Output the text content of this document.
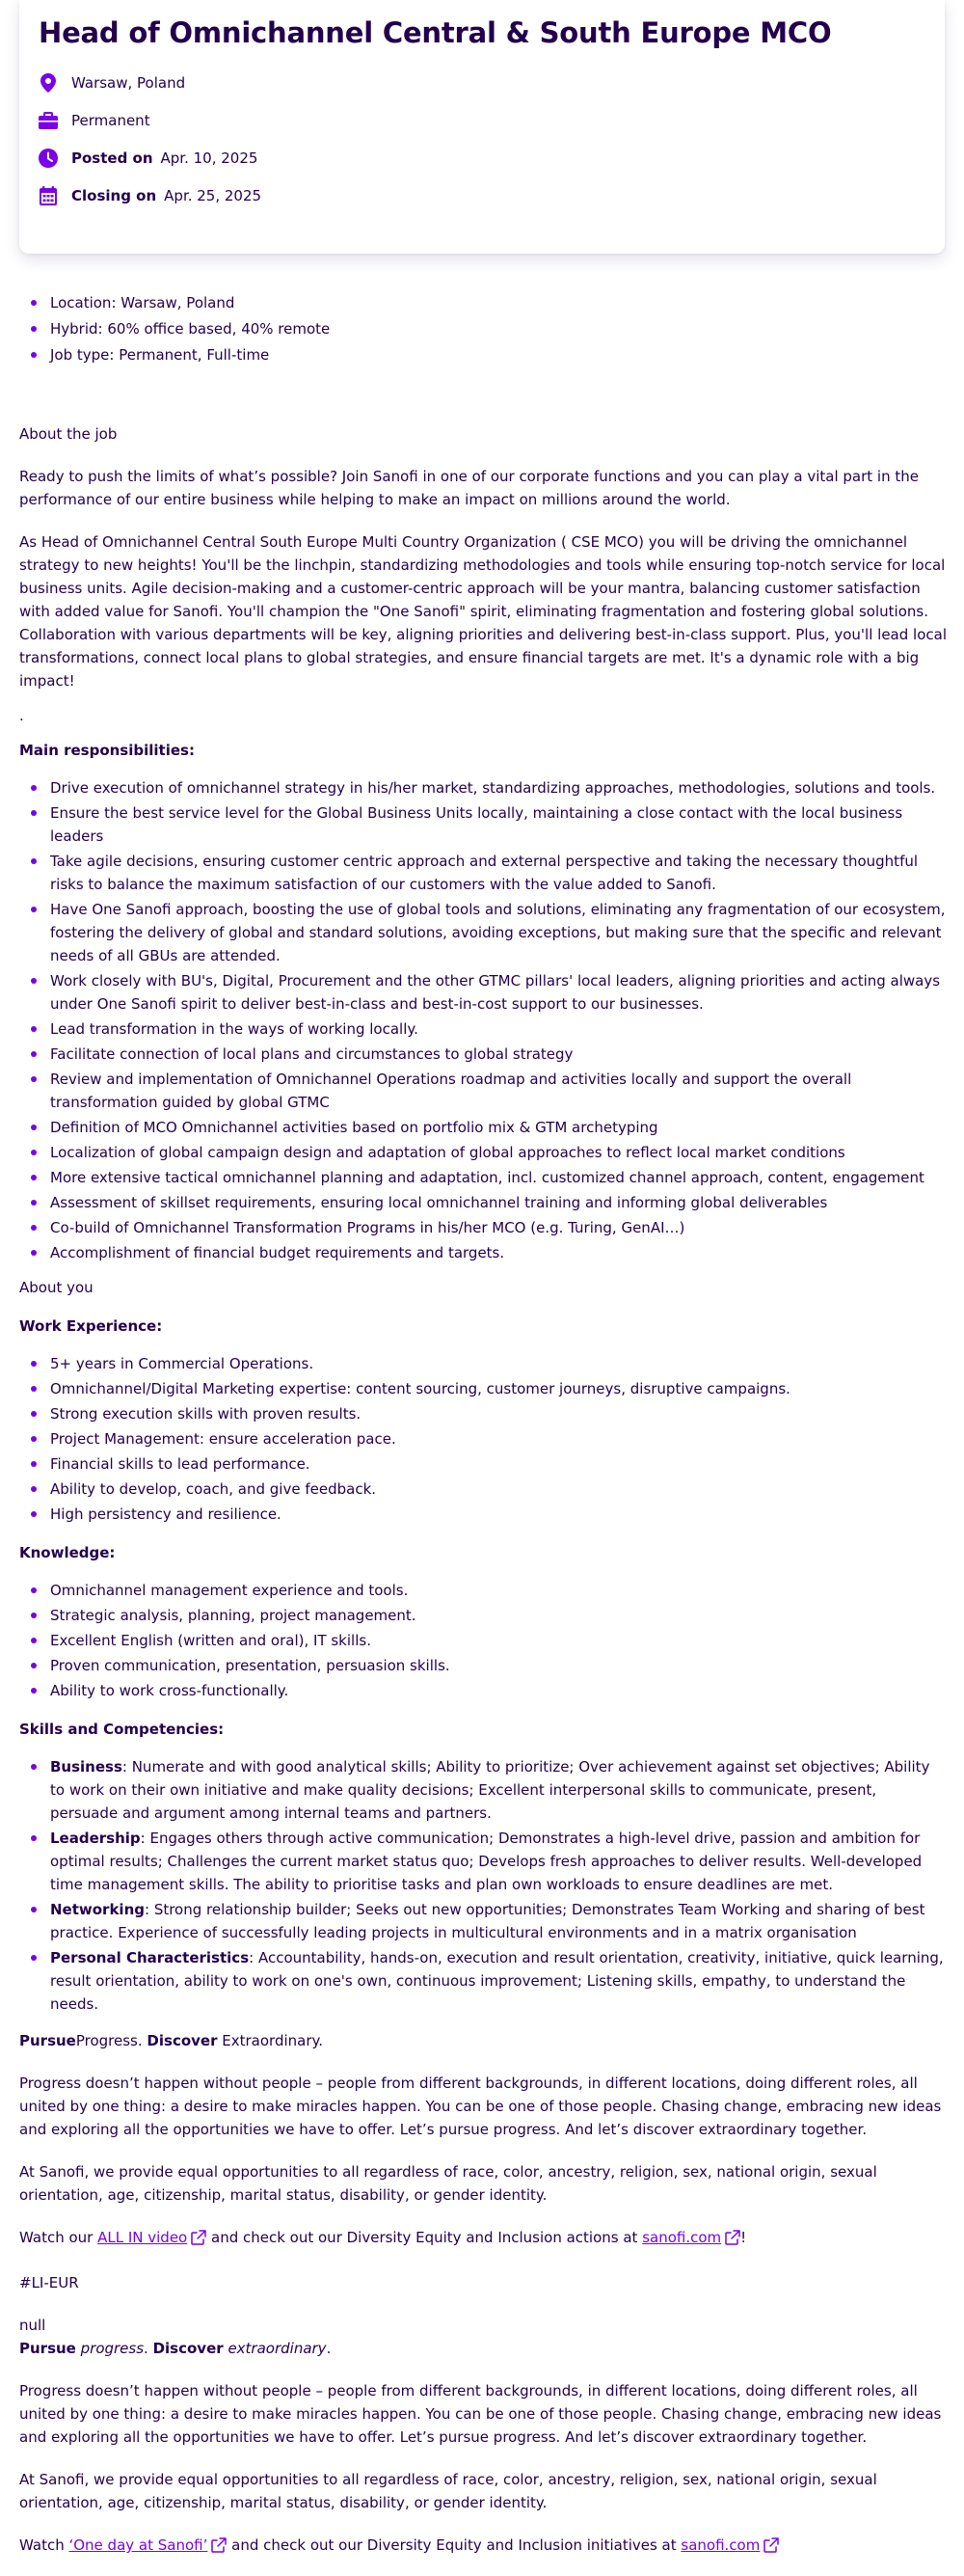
Head of Omnichannel Central & South Europe MCO
Warsaw, Poland
Permanent
Posted on Apr. 10, 2025
Closing on Apr. 25, 2025
Location: Warsaw, Poland
Hybrid: 60% office based, 40% remote
Job type: Permanent, Full-time

About the job

Ready to push the limits of what’s possible? Join Sanofi in one of our corporate functions and you can play a vital part in the performance of our entire business while helping to make an impact on millions around the world.

As Head of Omnichannel Central South Europe Multi Country Organization ( CSE MCO) you will be driving the omnichannel strategy to new heights! You'll be the linchpin, standardizing methodologies and tools while ensuring top-notch service for local business units. Agile decision-making and a customer-centric approach will be your mantra, balancing customer satisfaction with added value for Sanofi. You'll champion the "One Sanofi" spirit, eliminating fragmentation and fostering global solutions. Collaboration with various departments will be key, aligning priorities and delivering best-in-class support. Plus, you'll lead local transformations, connect local plans to global strategies, and ensure financial targets are met. It's a dynamic role with a big impact!

.

Main responsibilities:

Drive execution of omnichannel strategy in his/her market, standardizing approaches, methodologies, solutions and tools.
Ensure the best service level for the Global Business Units locally, maintaining a close contact with the local business leaders
Take agile decisions, ensuring customer centric approach and external perspective and taking the necessary thoughtful risks to balance the maximum satisfaction of our customers with the value added to Sanofi.
Have One Sanofi approach, boosting the use of global tools and solutions, eliminating any fragmentation of our ecosystem, fostering the delivery of global and standard solutions, avoiding exceptions, but making sure that the specific and relevant needs of all GBUs are attended.
Work closely with BU's, Digital, Procurement and the other GTMC pillars' local leaders, aligning priorities and acting always under One Sanofi spirit to deliver best-in-class and best-in-cost support to our businesses.
Lead transformation in the ways of working locally.
Facilitate connection of local plans and circumstances to global strategy
Review and implementation of Omnichannel Operations roadmap and activities locally and support the overall transformation guided by global GTMC
Definition of MCO Omnichannel activities based on portfolio mix & GTM archetyping
Localization of global campaign design and adaptation of global approaches to reflect local market conditions
More extensive tactical omnichannel planning and adaptation, incl. customized channel approach, content, engagement
Assessment of skillset requirements, ensuring local omnichannel training and informing global deliverables
Co-build of Omnichannel Transformation Programs in his/her MCO (e.g. Turing, GenAI…)
Accomplishment of financial budget requirements and targets.

About you

Work Experience:

5+ years in Commercial Operations.
Omnichannel/Digital Marketing expertise: content sourcing, customer journeys, disruptive campaigns.
Strong execution skills with proven results.
Project Management: ensure acceleration pace.
Financial skills to lead performance.
Ability to develop, coach, and give feedback.
High persistency and resilience.

Knowledge:

Omnichannel management experience and tools.
Strategic analysis, planning, project management.
Excellent English (written and oral), IT skills.
Proven communication, presentation, persuasion skills.
Ability to work cross-functionally.

Skills and Competencies:

Business: Numerate and with good analytical skills; Ability to prioritize; Over achievement against set objectives; Ability to work on their own initiative and make quality decisions; Excellent interpersonal skills to communicate, present, persuade and argument among internal teams and partners.
Leadership: Engages others through active communication; Demonstrates a high-level drive, passion and ambition for optimal results; Challenges the current market status quo; Develops fresh approaches to deliver results. Well-developed time management skills. The ability to prioritise tasks and plan own workloads to ensure deadlines are met.
Networking: Strong relationship builder; Seeks out new opportunities; Demonstrates Team Working and sharing of best practice. Experience of successfully leading projects in multicultural environments and in a matrix organisation
Personal Characteristics: Accountability, hands-on, execution and result orientation, creativity, initiative, quick learning, result orientation, ability to work on one's own, continuous improvement; Listening skills, empathy, to understand the needs.

PursueProgress. Discover Extraordinary.

Progress doesn’t happen without people – people from different backgrounds, in different locations, doing different roles, all united by one thing: a desire to make miracles happen. You can be one of those people. Chasing change, embracing new ideas and exploring all the opportunities we have to offer. Let’s pursue progress. And let’s discover extraordinary together.

At Sanofi, we provide equal opportunities to all regardless of race, color, ancestry, religion, sex, national origin, sexual orientation, age, citizenship, marital status, disability, or gender identity.

Watch our ALL IN video and check out our Diversity Equity and Inclusion actions at sanofi.com !

#LI-EUR

null

Pursue progress. Discover extraordinary.

Progress doesn’t happen without people – people from different backgrounds, in different locations, doing different roles, all united by one thing: a desire to make miracles happen. You can be one of those people. Chasing change, embracing new ideas and exploring all the opportunities we have to offer. Let’s pursue progress. And let’s discover extraordinary together.

At Sanofi, we provide equal opportunities to all regardless of race, color, ancestry, religion, sex, national origin, sexual orientation, age, citizenship, marital status, disability, or gender identity.

Watch ‘One day at Sanofi’ and check out our Diversity Equity and Inclusion initiatives at sanofi.com
